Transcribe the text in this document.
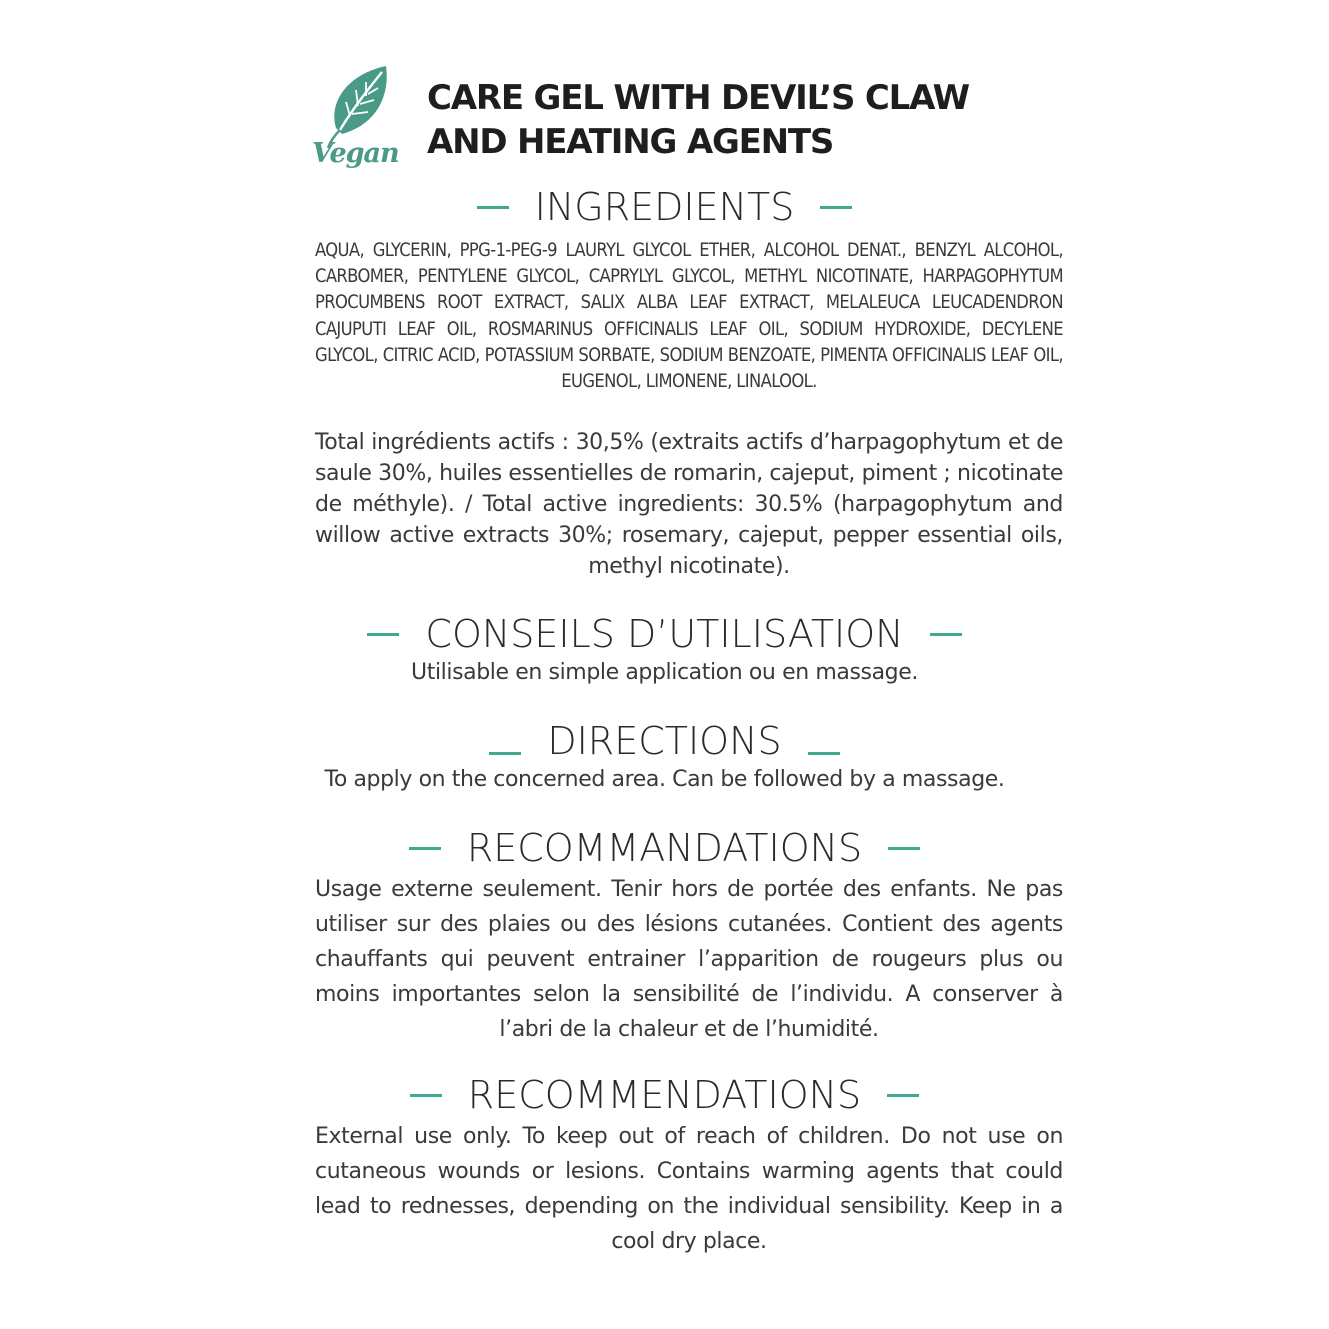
Vegan
CARE GEL WITH DEVIL’S CLAW
AND HEATING AGENTS
INGREDIENTS

AQUA, GLYCERIN, PPG-1-PEG-9 LAURYL GLYCOL ETHER, ALCOHOL DENAT., BENZYL ALCOHOL, CARBOMER, PENTYLENE GLYCOL, CAPRYLYL GLYCOL, METHYL NICOTINATE, HARPAGOPHYTUM PROCUMBENS ROOT EXTRACT, SALIX ALBA LEAF EXTRACT, MELALEUCA LEUCADENDRON CAJUPUTI LEAF OIL, ROSMARINUS OFFICINALIS LEAF OIL, SODIUM HYDROXIDE, DECYLENE GLYCOL, CITRIC ACID, POTASSIUM SORBATE, SODIUM BENZOATE, PIMENTA OFFICINALIS LEAF OIL, EUGENOL, LIMONENE, LINALOOL.

Total ingrédients actifs : 30,5% (extraits actifs d’harpagophytum et de saule 30%, huiles essentielles de romarin, cajeput, piment ; nicotinate de méthyle). / Total active ingredients: 30.5% (harpagophytum and willow active extracts 30%; rosemary, cajeput, pepper essential oils, methyl nicotinate).

CONSEILS D’UTILISATION

Utilisable en simple application ou en massage.

DIRECTIONS

To apply on the concerned area. Can be followed by a massage.

RECOMMANDATIONS

Usage externe seulement. Tenir hors de portée des enfants. Ne pas utiliser sur des plaies ou des lésions cutanées. Contient des agents chauffants qui peuvent entrainer l’apparition de rougeurs plus ou moins importantes selon la sensibilité de l’individu. A conserver à l’abri de la chaleur et de l’humidité.

RECOMMENDATIONS

External use only. To keep out of reach of children. Do not use on cutaneous wounds or lesions. Contains warming agents that could lead to rednesses, depending on the individual sensibility. Keep in a cool dry place.
